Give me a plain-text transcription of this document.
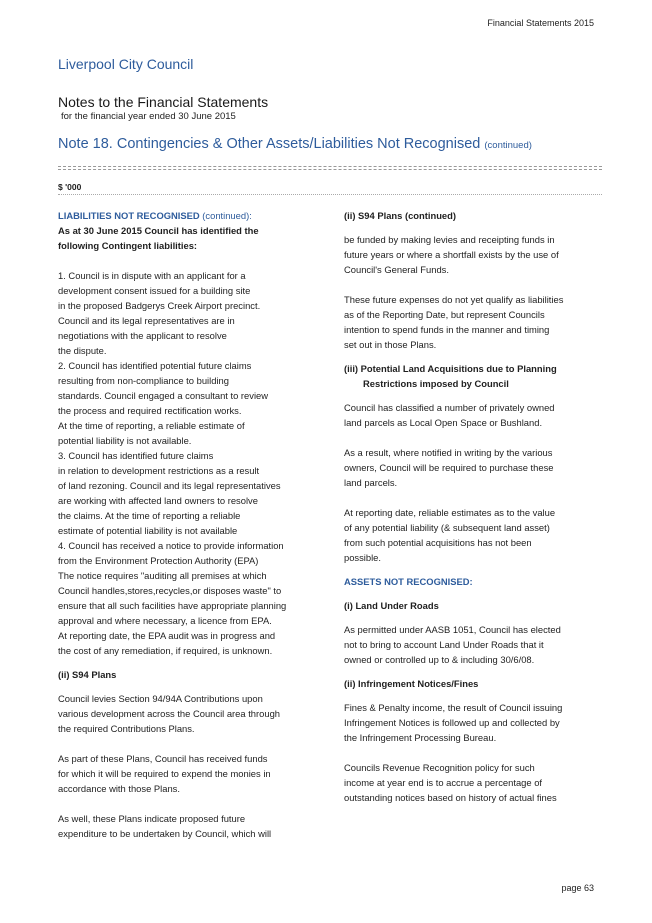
Financial Statements 2015
Liverpool City Council
Notes to the Financial Statements
for the financial year ended 30 June 2015
Note 18. Contingencies & Other Assets/Liabilities Not Recognised (continued)
$ '000
LIABILITIES NOT RECOGNISED (continued):
As at 30 June 2015 Council has identified the
following Contingent liabilities:
1. Council is in dispute with an applicant for a
development consent issued for a building site
in the proposed Badgerys Creek Airport precinct.
Council and its legal representatives are in
negotiations with the applicant to resolve
the dispute.
2. Council has identified potential future claims
resulting from non-compliance to building
standards. Council engaged a consultant to review
the process and required rectification works.
At the time of reporting, a reliable estimate of
potential liability is not available.
3. Council has identified future claims
in relation to development restrictions as a result
of land rezoning. Council and its legal representatives
are working with affected land owners to resolve
the claims. At the time of reporting a reliable
estimate of potential liability is not available
4. Council has received a notice to provide information
from the Environment Protection Authority (EPA)
The notice requires "auditing all premises at which
Council handles,stores,recycles,or disposes waste" to
ensure that all such facilities have appropriate planning
approval and where necessary, a licence from EPA.
At reporting date, the EPA audit was in progress and
the cost of any remediation, if required, is unknown.
(ii) S94 Plans
Council levies Section 94/94A Contributions upon
various development across the Council area through
the required Contributions Plans.
As part of these Plans, Council has received funds
for which it will be required to expend the monies in
accordance with those Plans.
As well, these Plans indicate proposed future
expenditure to be undertaken by Council, which will
(ii) S94 Plans (continued)
be funded by making levies and receipting funds in
future years or where a shortfall exists by the use of
Council's General Funds.
These future expenses do not yet qualify as liabilities
as of the Reporting Date, but represent Councils
intention to spend funds in the manner and timing
set out in those Plans.
(iii) Potential Land Acquisitions due to Planning
Restrictions imposed by Council
Council has classified a number of privately owned
land parcels as Local Open Space or Bushland.
As a result, where notified in writing by the various
owners, Council will be required to purchase these
land parcels.
At reporting date, reliable estimates as to the value
of any potential liability (& subsequent land asset)
from such potential acquisitions has not been
possible.
ASSETS NOT RECOGNISED:
(i) Land Under Roads
As permitted under AASB 1051, Council has elected
not to bring to account Land Under Roads that it
owned or controlled up to & including 30/6/08.
(ii) Infringement Notices/Fines
Fines & Penalty income, the result of Council issuing
Infringement Notices is followed up and collected by
the Infringement Processing Bureau.
Councils Revenue Recognition policy for such
income at year end is to accrue a percentage of
outstanding notices based on history of actual fines
page 63
